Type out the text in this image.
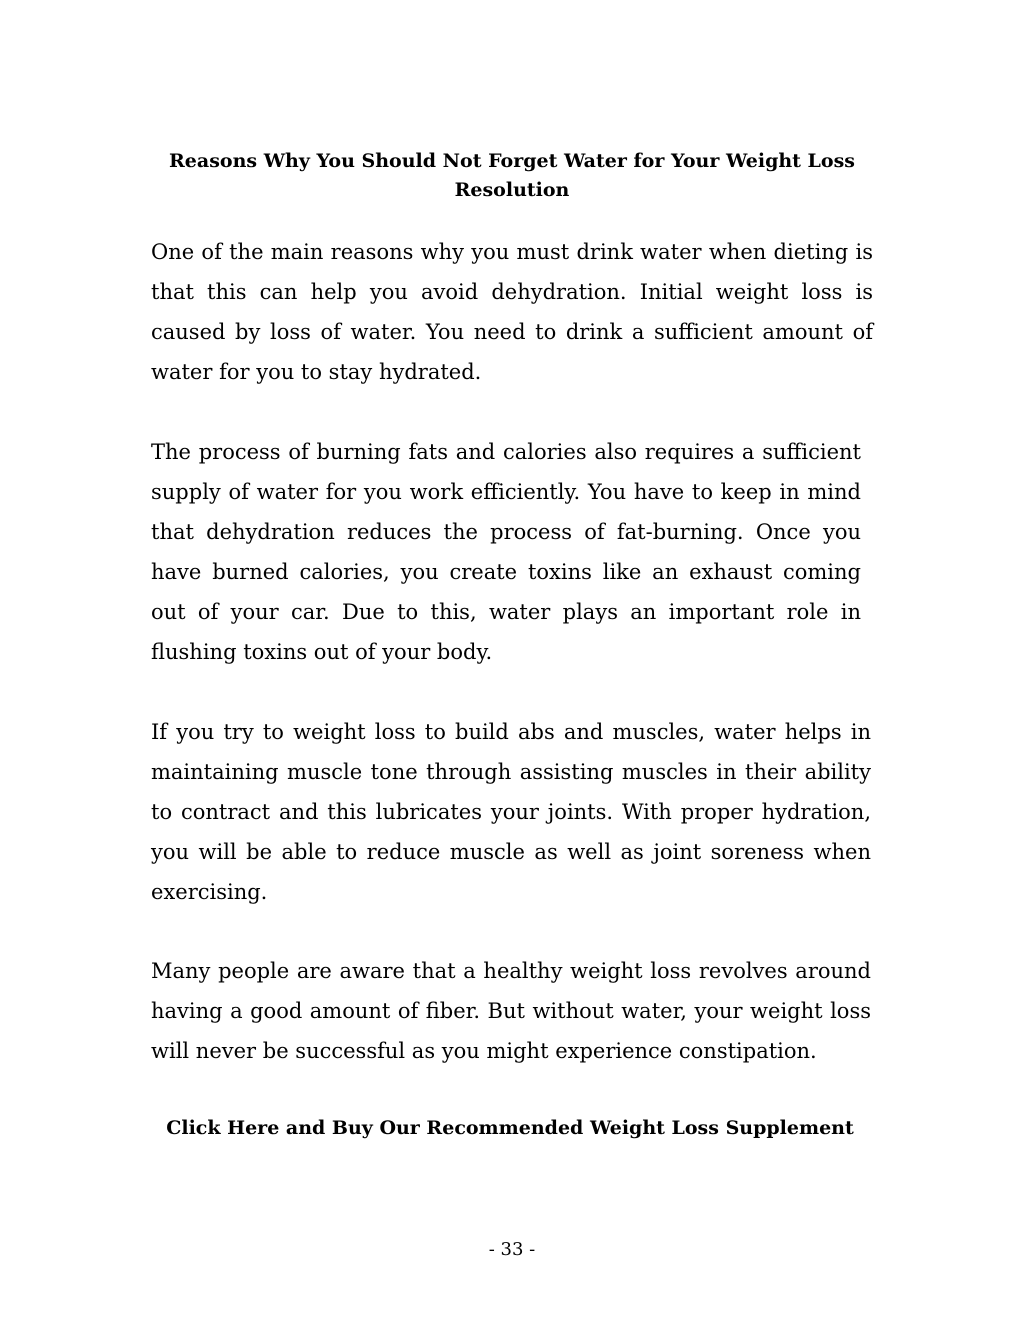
Reasons Why You Should Not Forget Water for Your Weight Loss Resolution

One of the main reasons why you must drink water when dieting is that this can help you avoid dehydration. Initial weight loss is caused by loss of water. You need to drink a sufficient amount of water for you to stay hydrated.

The process of burning fats and calories also requires a sufficient supply of water for you work efficiently. You have to keep in mind that dehydration reduces the process of fat-burning. Once you have burned calories, you create toxins like an exhaust coming out of your car. Due to this, water plays an important role in flushing toxins out of your body.

If you try to weight loss to build abs and muscles, water helps in maintaining muscle tone through assisting muscles in their ability to contract and this lubricates your joints. With proper hydration, you will be able to reduce muscle as well as joint soreness when exercising.

Many people are aware that a healthy weight loss revolves around having a good amount of fiber. But without water, your weight loss will never be successful as you might experience constipation.

Click Here and Buy Our Recommended Weight Loss Supplement

- 33 -
